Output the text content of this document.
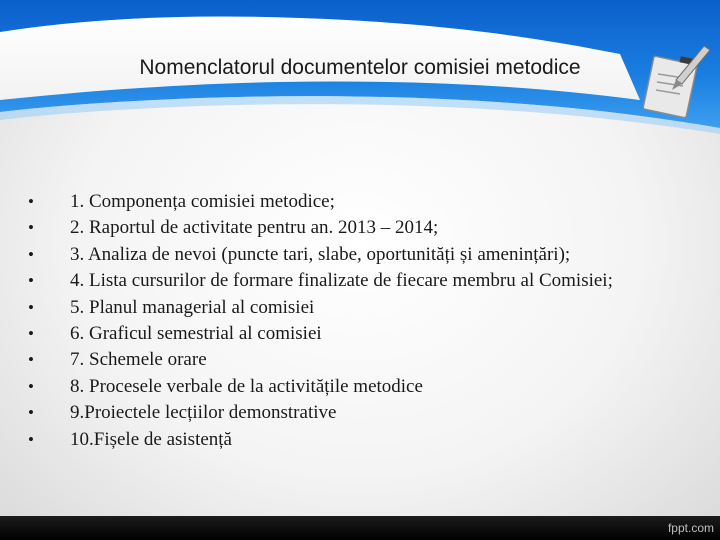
Nomenclatorul documentelor comisiei metodice
• 1. Componența comisiei metodice;
• 2. Raportul de activitate pentru an. 2013 – 2014;
• 3. Analiza de nevoi (puncte tari, slabe, oportunități și amenințări);
• 4. Lista cursurilor de formare finalizate de fiecare membru al Comisiei;
• 5. Planul managerial al comisiei
• 6. Graficul semestrial al comisiei
• 7. Schemele orare
• 8. Procesele verbale de la activitățile metodice
• 9.Proiectele lecțiilor demonstrative
• 10.Fișele de asistență
fppt.com
